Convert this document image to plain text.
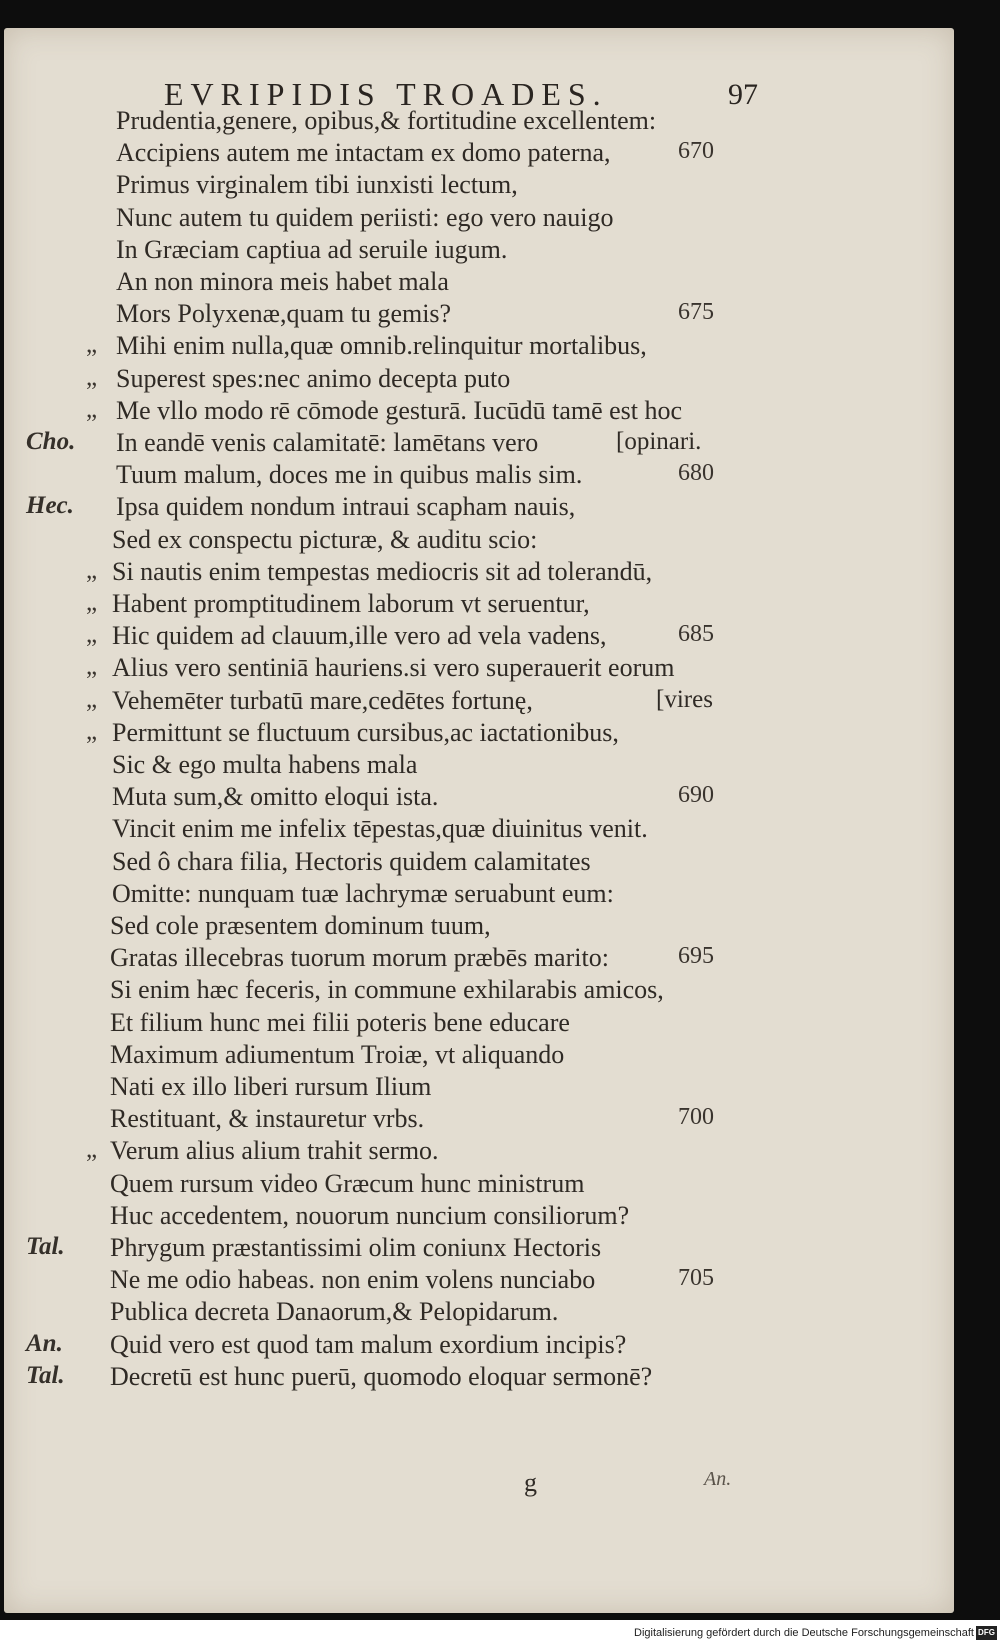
EVRIPIDIS TROADES.	97
Prudentia,genere, opibus,& fortitudine excellentem:
Accipiens autem me intactam ex domo paterna,	670
Primus virginalem tibi iunxisti lectum,
Nunc autem tu quidem periisti: ego vero nauigo
In Græciam captiua ad seruile iugum.
An non minora meis habet mala
Mors Polyxenæ,quam tu gemis?	675
„ Mihi enim nulla,quæ omnib.relinquitur mortalibus,
„ Superest spes:nec animo decepta puto
„ Me vllo modo rē cōmode gesturā. Iucūdū tamē est hoc
Cho.	In eandē venis calamitatē: lamētans vero	[opinari.
Tuum malum, doces me in quibus malis sim.	680
Hec.	Ipsa quidem nondum intraui scapham nauis,
Sed ex conspectu picturæ, & auditu scio:
„ Si nautis enim tempestas mediocris sit ad tolerandū,
„ Habent promptitudinem laborum vt seruentur,
„ Hic quidem ad clauum,ille vero ad vela vadens,	685
„ Alius vero sentiniā hauriens.si vero superauerit eorum
„ Vehemēter turbatū mare,cedētes fortunę,	[vires
„ Permittunt se fluctuum cursibus,ac iactationibus,
Sic & ego multa habens mala
Muta sum,& omitto eloqui ista.	690
Vincit enim me infelix tēpestas,quæ diuinitus venit.
Sed ô chara filia, Hectoris quidem calamitates
Omitte: nunquam tuæ lachrymæ seruabunt eum:
Sed cole præsentem dominum tuum,
Gratas illecebras tuorum morum præbēs marito:	695
Si enim hæc feceris, in commune exhilarabis amicos,
Et filium hunc mei filii poteris bene educare
Maximum adiumentum Troiæ, vt aliquando
Nati ex illo liberi rursum Ilium
Restituant, & instauretur vrbs.	700
„ Verum alius alium trahit sermo.
Quem rursum video Græcum hunc ministrum
Huc accedentem, nouorum nuncium consiliorum?
Tal.	Phrygum præstantissimi olim coniunx Hectoris
Ne me odio habeas. non enim volens nunciabo	705
Publica decreta Danaorum,& Pelopidarum.
An.	Quid vero est quod tam malum exordium incipis?
Tal.	Decretū est hunc puerū, quomodo eloquar sermonē?
g	An.
Digitalisierung gefördert durch die Deutsche Forschungsgemeinschaft DFG
